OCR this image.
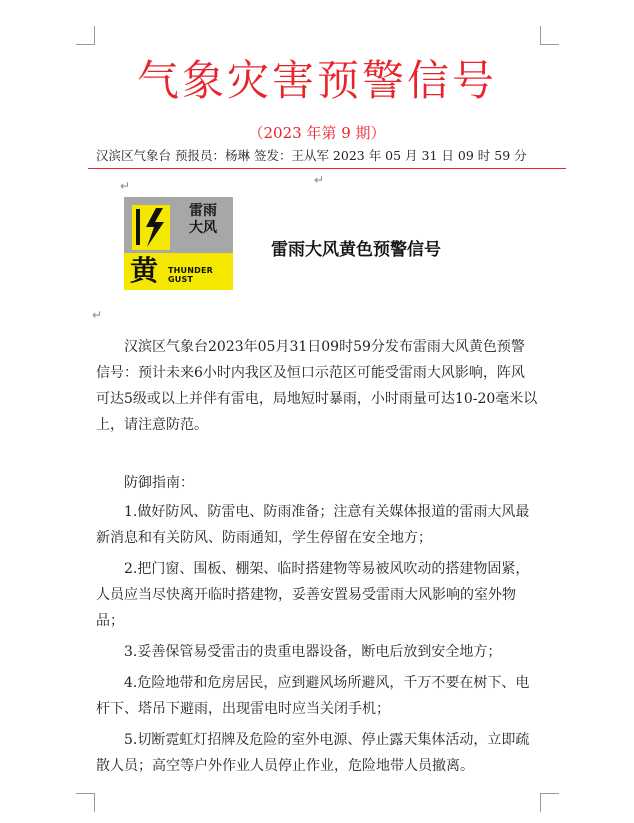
气象灾害预警信号
（2023 年第 9 期）
汉滨区气象台 预报员：杨琳 签发：王从军 2023 年 05 月 31 日 09 时 59 分
↵
↵
雷雨
大风
黄 THUNDER GUST
雷雨大风黄色预警信号
↵
汉滨区气象台2023年05月31日09时59分发布雷雨大风黄色预警信号：预计未来6小时内我区及恒口示范区可能受雷雨大风影响，阵风可达5级或以上并伴有雷电，局地短时暴雨，小时雨量可达10-20毫米以上，请注意防范。

防御指南：

1.做好防风、防雷电、防雨准备；注意有关媒体报道的雷雨大风最新消息和有关防风、防雨通知，学生停留在安全地方；

2.把门窗、围板、棚架、临时搭建物等易被风吹动的搭建物固紧，人员应当尽快离开临时搭建物，妥善安置易受雷雨大风影响的室外物品；

3.妥善保管易受雷击的贵重电器设备，断电后放到安全地方；

4.危险地带和危房居民，应到避风场所避风，千万不要在树下、电杆下、塔吊下避雨，出现雷电时应当关闭手机；

5.切断霓虹灯招牌及危险的室外电源、停止露天集体活动，立即疏散人员；高空等户外作业人员停止作业，危险地带人员撤离。
